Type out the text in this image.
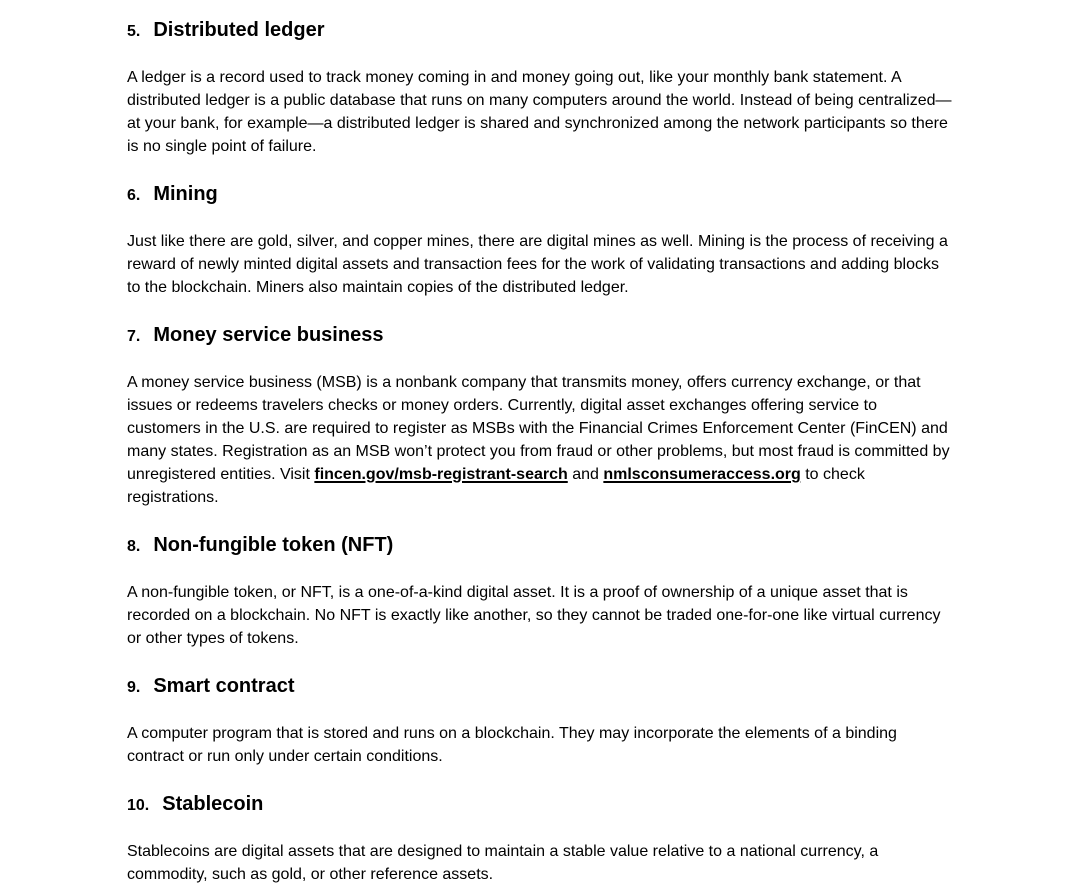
5. Distributed ledger

A ledger is a record used to track money coming in and money going out, like your monthly bank statement. A distributed ledger is a public database that runs on many computers around the world. Instead of being centralized—at your bank, for example—a distributed ledger is shared and synchronized among the network participants so there is no single point of failure.

6. Mining

Just like there are gold, silver, and copper mines, there are digital mines as well. Mining is the process of receiving a reward of newly minted digital assets and transaction fees for the work of validating transactions and adding blocks to the blockchain. Miners also maintain copies of the distributed ledger.

7. Money service business

A money service business (MSB) is a nonbank company that transmits money, offers currency exchange, or that issues or redeems travelers checks or money orders. Currently, digital asset exchanges offering service to customers in the U.S. are required to register as MSBs with the Financial Crimes Enforcement Center (FinCEN) and many states. Registration as an MSB won’t protect you from fraud or other problems, but most fraud is committed by unregistered entities. Visit fincen.gov/msb-registrant-search and nmlsconsumeraccess.org to check registrations.

8. Non-fungible token (NFT)

A non-fungible token, or NFT, is a one-of-a-kind digital asset. It is a proof of ownership of a unique asset that is recorded on a blockchain. No NFT is exactly like another, so they cannot be traded one-for-one like virtual currency or other types of tokens.

9. Smart contract

A computer program that is stored and runs on a blockchain. They may incorporate the elements of a binding contract or run only under certain conditions.

10. Stablecoin

Stablecoins are digital assets that are designed to maintain a stable value relative to a national currency, a commodity, such as gold, or other reference assets.
